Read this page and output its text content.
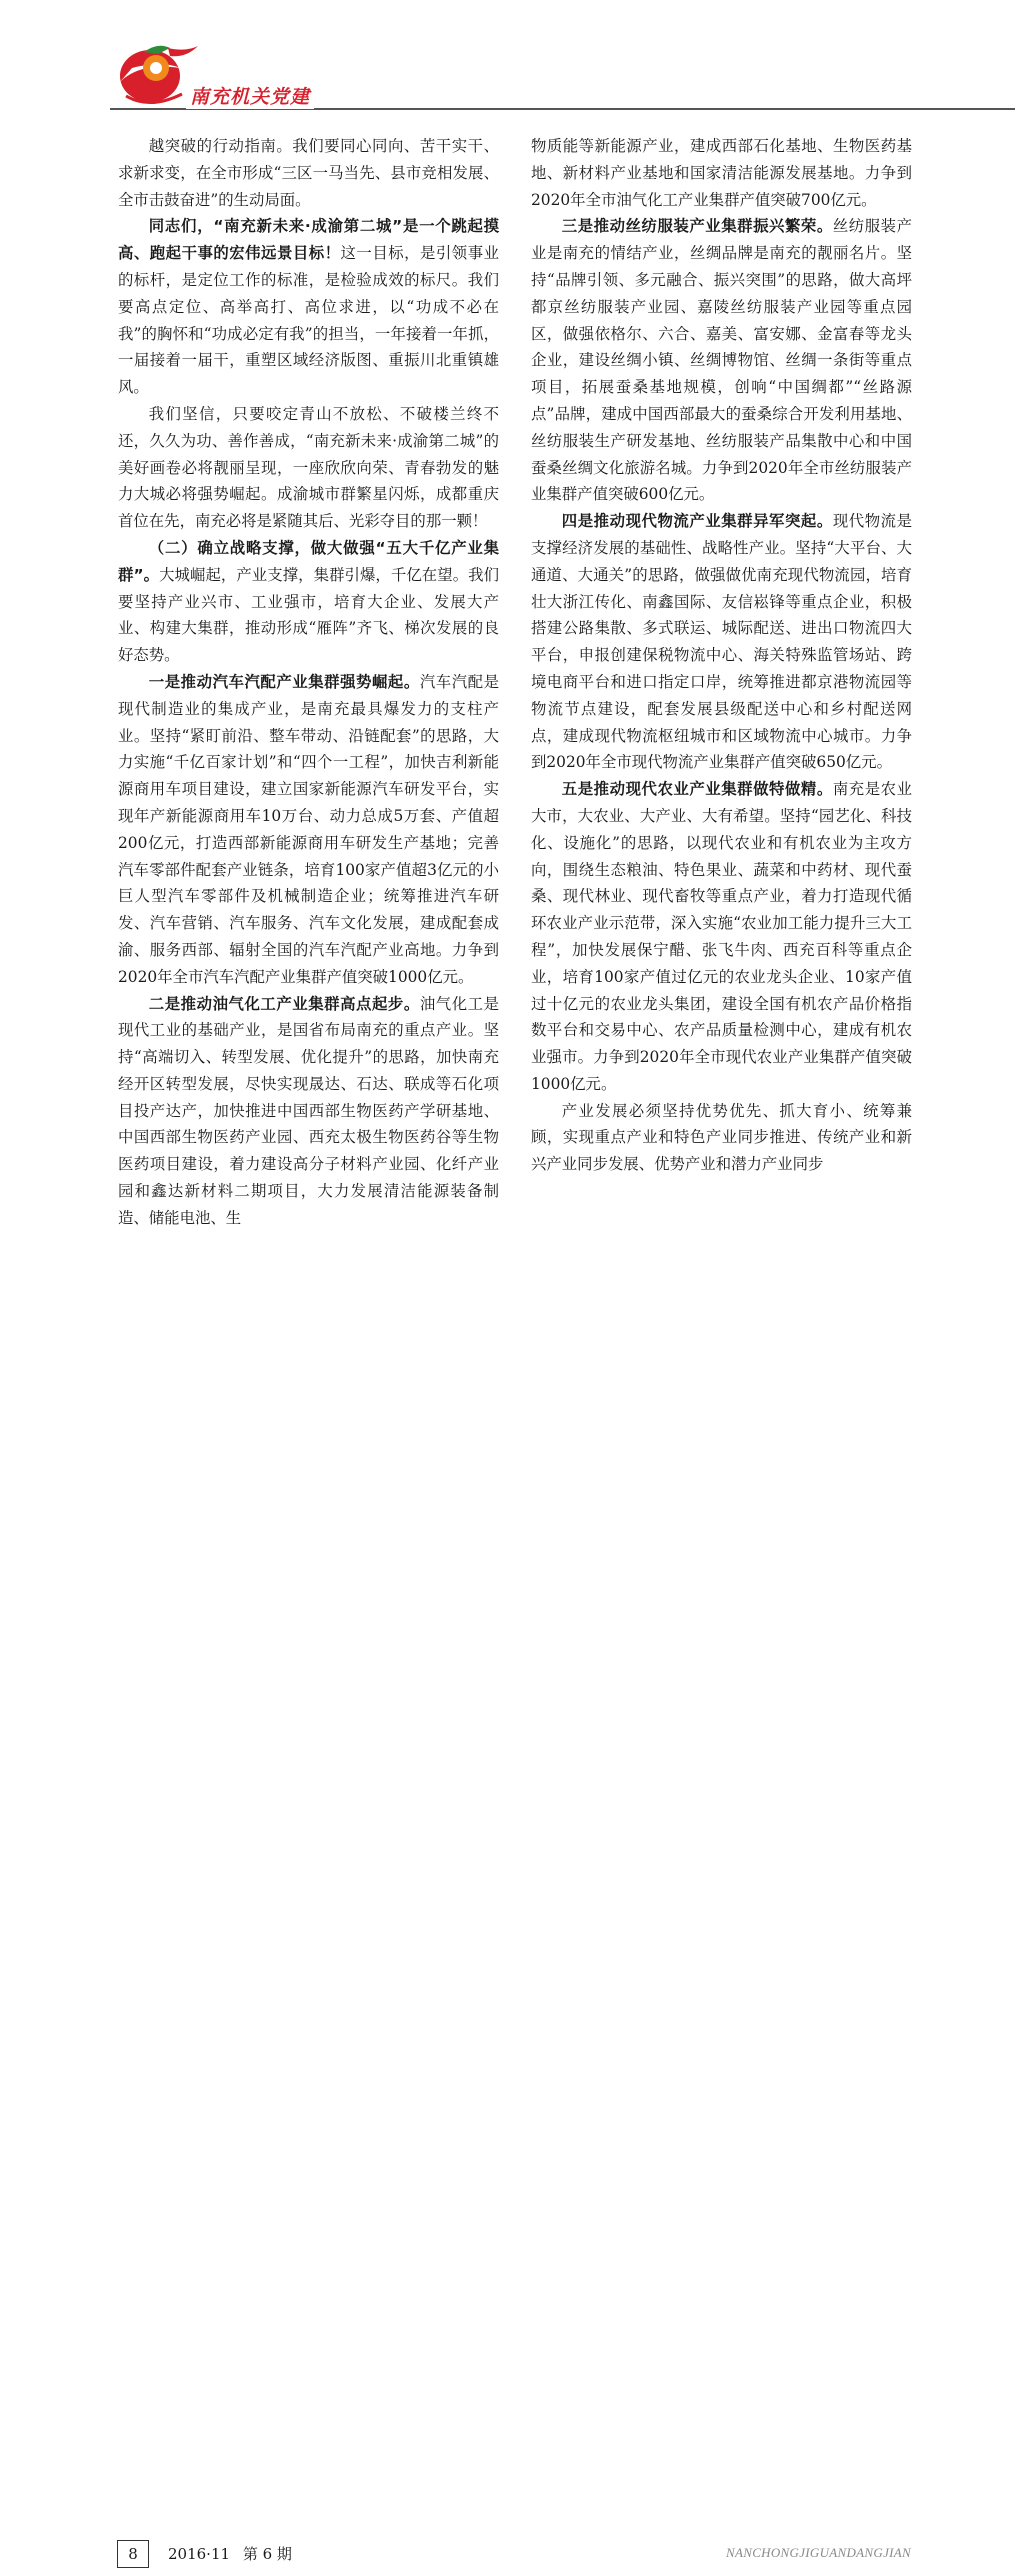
南充机关党建

越突破的行动指南。我们要同心同向、苦干实干、求新求变，在全市形成“三区一马当先、县市竞相发展、全市击鼓奋进”的生动局面。

同志们，“南充新未来·成渝第二城”是一个跳起摸高、跑起干事的宏伟远景目标！这一目标，是引领事业的标杆，是定位工作的标准，是检验成效的标尺。我们要高点定位、高举高打、高位求进，以“功成不必在我”的胸怀和“功成必定有我”的担当，一年接着一年抓，一届接着一届干，重塑区域经济版图、重振川北重镇雄风。

我们坚信，只要咬定青山不放松、不破楼兰终不还，久久为功、善作善成，“南充新未来·成渝第二城”的美好画卷必将靓丽呈现，一座欣欣向荣、青春勃发的魅力大城必将强势崛起。成渝城市群繁星闪烁，成都重庆首位在先，南充必将是紧随其后、光彩夺目的那一颗！

（二）确立战略支撑，做大做强“五大千亿产业集群”。大城崛起，产业支撑，集群引爆，千亿在望。我们要坚持产业兴市、工业强市，培育大企业、发展大产业、构建大集群，推动形成“雁阵”齐飞、梯次发展的良好态势。

一是推动汽车汽配产业集群强势崛起。汽车汽配是现代制造业的集成产业，是南充最具爆发力的支柱产业。坚持“紧盯前沿、整车带动、沿链配套”的思路，大力实施“千亿百家计划”和“四个一工程”，加快吉利新能源商用车项目建设，建立国家新能源汽车研发平台，实现年产新能源商用车10万台、动力总成5万套、产值超200亿元，打造西部新能源商用车研发生产基地；完善汽车零部件配套产业链条，培育100家产值超3亿元的小巨人型汽车零部件及机械制造企业；统筹推进汽车研发、汽车营销、汽车服务、汽车文化发展，建成配套成渝、服务西部、辐射全国的汽车汽配产业高地。力争到2020年全市汽车汽配产业集群产值突破1000亿元。

二是推动油气化工产业集群高点起步。油气化工是现代工业的基础产业，是国省布局南充的重点产业。坚持“高端切入、转型发展、优化提升”的思路，加快南充经开区转型发展，尽快实现晟达、石达、联成等石化项目投产达产，加快推进中国西部生物医药产学研基地、中国西部生物医药产业园、西充太极生物医药谷等生物医药项目建设，着力建设高分子材料产业园、化纤产业园和鑫达新材料二期项目，大力发展清洁能源装备制造、储能电池、生

物质能等新能源产业，建成西部石化基地、生物医药基地、新材料产业基地和国家清洁能源发展基地。力争到2020年全市油气化工产业集群产值突破700亿元。

三是推动丝纺服装产业集群振兴繁荣。丝纺服装产业是南充的情结产业，丝绸品牌是南充的靓丽名片。坚持“品牌引领、多元融合、振兴突围”的思路，做大高坪都京丝纺服装产业园、嘉陵丝纺服装产业园等重点园区，做强依格尔、六合、嘉美、富安娜、金富春等龙头企业，建设丝绸小镇、丝绸博物馆、丝绸一条街等重点项目，拓展蚕桑基地规模，创响“中国绸都”“丝路源点”品牌，建成中国西部最大的蚕桑综合开发利用基地、丝纺服装生产研发基地、丝纺服装产品集散中心和中国蚕桑丝绸文化旅游名城。力争到2020年全市丝纺服装产业集群产值突破600亿元。

四是推动现代物流产业集群异军突起。现代物流是支撑经济发展的基础性、战略性产业。坚持“大平台、大通道、大通关”的思路，做强做优南充现代物流园，培育壮大浙江传化、南鑫国际、友信崧锋等重点企业，积极搭建公路集散、多式联运、城际配送、进出口物流四大平台，申报创建保税物流中心、海关特殊监管场站、跨境电商平台和进口指定口岸，统筹推进都京港物流园等物流节点建设，配套发展县级配送中心和乡村配送网点，建成现代物流枢纽城市和区域物流中心城市。力争到2020年全市现代物流产业集群产值突破650亿元。

五是推动现代农业产业集群做特做精。南充是农业大市，大农业、大产业、大有希望。坚持“园艺化、科技化、设施化”的思路，以现代农业和有机农业为主攻方向，围绕生态粮油、特色果业、蔬菜和中药材、现代蚕桑、现代林业、现代畜牧等重点产业，着力打造现代循环农业产业示范带，深入实施“农业加工能力提升三大工程”，加快发展保宁醋、张飞牛肉、西充百科等重点企业，培育100家产值过亿元的农业龙头企业、10家产值过十亿元的农业龙头集团，建设全国有机农产品价格指数平台和交易中心、农产品质量检测中心，建成有机农业强市。力争到2020年全市现代农业产业集群产值突破1000亿元。

产业发展必须坚持优势优先、抓大育小、统筹兼顾，实现重点产业和特色产业同步推进、传统产业和新兴产业同步发展、优势产业和潜力产业同步

8	2016·11 第 6 期	NANCHONGJIGUANDANGJIAN
